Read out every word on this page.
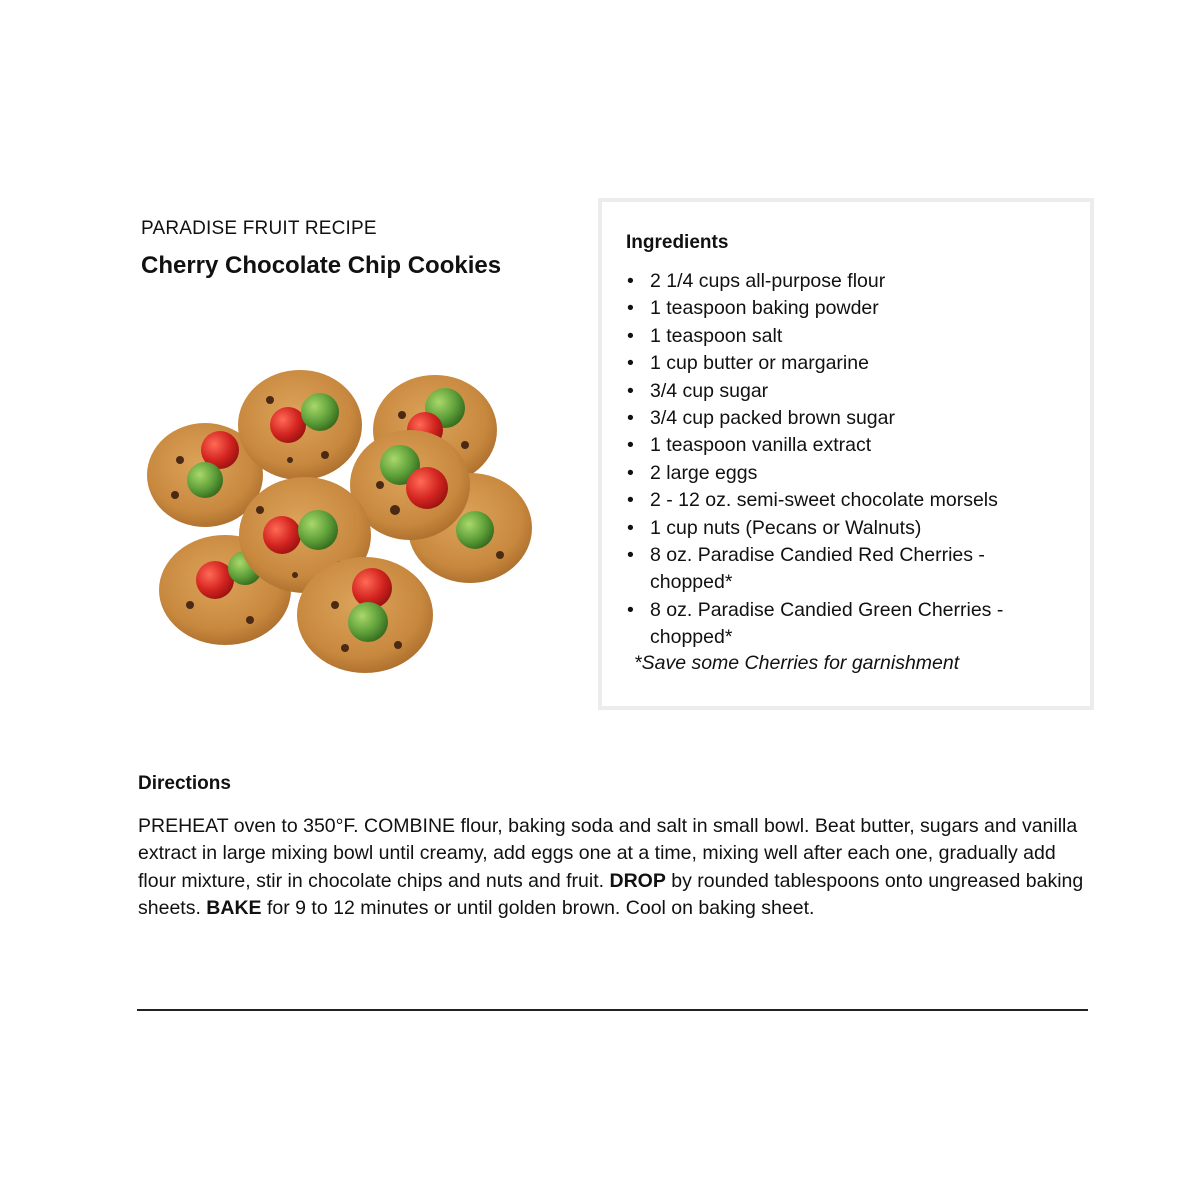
PARADISE FRUIT RECIPE
Cherry Chocolate Chip Cookies
Ingredients
• 2 1/4 cups all-purpose flour
• 1 teaspoon baking powder
• 1 teaspoon salt
• 1 cup butter or margarine
• 3/4 cup sugar
• 3/4 cup packed brown sugar
• 1 teaspoon vanilla extract
• 2 large eggs
• 2 - 12 oz. semi-sweet chocolate morsels
• 1 cup nuts (Pecans or Walnuts)
• 8 oz. Paradise Candied Red Cherries - chopped*
• 8 oz. Paradise Candied Green Cherries - chopped*
*Save some Cherries for garnishment
Directions

PREHEAT oven to 350°F. COMBINE flour, baking soda and salt in small bowl. Beat butter, sugars and vanilla extract in large mixing bowl until creamy, add eggs one at a time, mixing well after each one, gradually add flour mixture, stir in chocolate chips and nuts and fruit. DROP by rounded tablespoons onto ungreased baking sheets. BAKE for 9 to 12 minutes or until golden brown. Cool on baking sheet.
